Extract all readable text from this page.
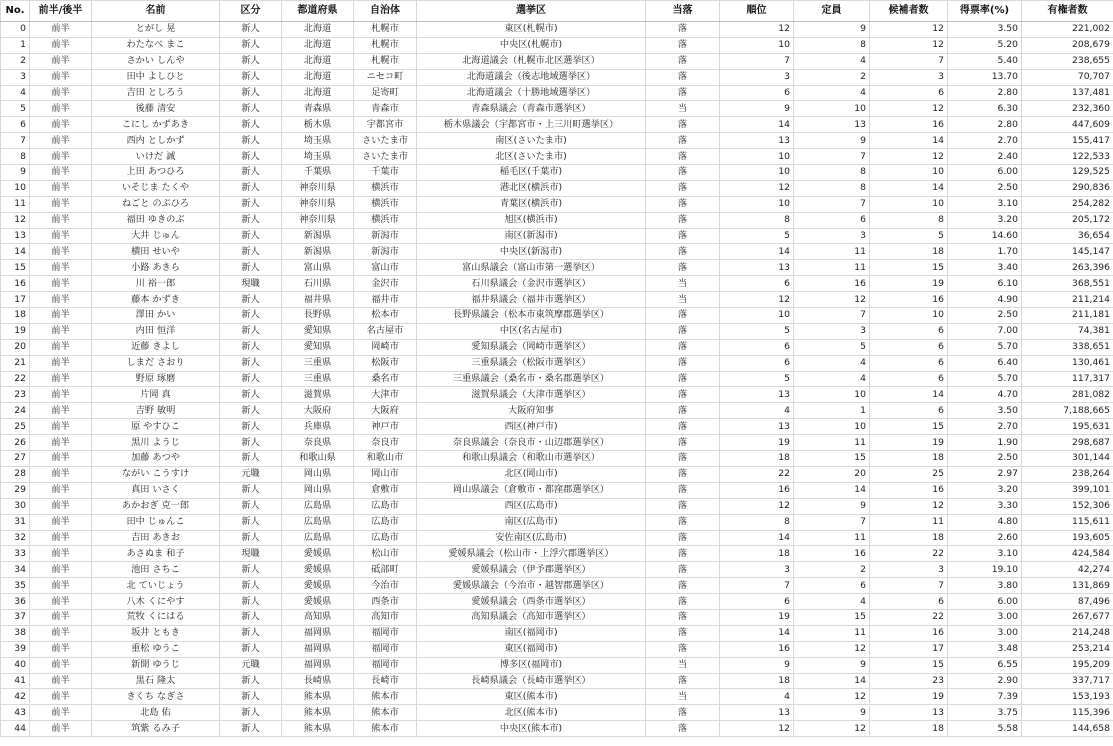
No.	前半/後半	名前	区分	都道府県	自治体	選挙区	当落	順位	定員	候補者数	得票率(%)	有権者数
0	前半	とがし 晃	新人	北海道	札幌市	東区(札幌市)	落	12	9	12	3.50	221,002
1	前半	わたなべ まこ	新人	北海道	札幌市	中央区(札幌市)	落	10	8	12	5.20	208,679
2	前半	さかい しんや	新人	北海道	札幌市	北海道議会（札幌市北区選挙区）	落	7	4	7	5.40	238,655
3	前半	田中 よしひと	新人	北海道	ニセコ町	北海道議会（後志地域選挙区）	落	3	2	3	13.70	70,707
4	前半	吉田 としろう	新人	北海道	足寄町	北海道議会（十勝地域選挙区）	落	6	4	6	2.80	137,481
5	前半	後藤 清安	新人	青森県	青森市	青森県議会（青森市選挙区）	当	9	10	12	6.30	232,360
6	前半	こにし かずあき	新人	栃木県	宇都宮市	栃木県議会（宇都宮市・上三川町選挙区）	落	14	13	16	2.80	447,609
7	前半	西内 としかず	新人	埼玉県	さいたま市	南区(さいたま市)	落	13	9	14	2.70	155,417
8	前半	いけだ 誠	新人	埼玉県	さいたま市	北区(さいたま市)	落	10	7	12	2.40	122,533
9	前半	上田 あつひろ	新人	千葉県	千葉市	稲毛区(千葉市)	落	10	8	10	6.00	129,525
10	前半	いそじま たくや	新人	神奈川県	横浜市	港北区(横浜市)	落	12	8	14	2.50	290,836
11	前半	ねごと のぶひろ	新人	神奈川県	横浜市	青葉区(横浜市)	落	10	7	10	3.10	254,282
12	前半	福田 ゆきのぶ	新人	神奈川県	横浜市	旭区(横浜市)	落	8	6	8	3.20	205,172
13	前半	大井 じゅん	新人	新潟県	新潟市	南区(新潟市)	落	5	3	5	14.60	36,654
14	前半	横田 せいや	新人	新潟県	新潟市	中央区(新潟市)	落	14	11	18	1.70	145,147
15	前半	小路 あきら	新人	富山県	富山市	富山県議会（富山市第一選挙区）	落	13	11	15	3.40	263,396
16	前半	川 裕一郎	現職	石川県	金沢市	石川県議会（金沢市選挙区）	当	6	16	19	6.10	368,551
17	前半	藤本 かずき	新人	福井県	福井市	福井県議会（福井市選挙区）	当	12	12	16	4.90	211,214
18	前半	澤田 かい	新人	長野県	松本市	長野県議会（松本市東筑摩郡選挙区）	落	10	7	10	2.50	211,181
19	前半	内田 恒洋	新人	愛知県	名古屋市	中区(名古屋市)	落	5	3	6	7.00	74,381
20	前半	近藤 きよし	新人	愛知県	岡崎市	愛知県議会（岡崎市選挙区）	落	6	5	6	5.70	338,651
21	前半	しまだ さおり	新人	三重県	松阪市	三重県議会（松阪市選挙区）	落	6	4	6	6.40	130,461
22	前半	野原 琢磨	新人	三重県	桑名市	三重県議会（桑名市・桑名郡選挙区）	落	5	4	6	5.70	117,317
23	前半	片岡 真	新人	滋賀県	大津市	滋賀県議会（大津市選挙区）	落	13	10	14	4.70	281,082
24	前半	吉野 敏明	新人	大阪府	大阪府	大阪府知事	落	4	1	6	3.50	7,188,665
25	前半	原 やすひこ	新人	兵庫県	神戸市	西区(神戸市)	落	13	10	15	2.70	195,631
26	前半	黒川 ようじ	新人	奈良県	奈良市	奈良県議会（奈良市・山辺郡選挙区）	落	19	11	19	1.90	298,687
27	前半	加藤 あつや	新人	和歌山県	和歌山市	和歌山県議会（和歌山市選挙区）	落	18	15	18	2.50	301,144
28	前半	ながい こうすけ	元職	岡山県	岡山市	北区(岡山市)	落	22	20	25	2.97	238,264
29	前半	真田 いさく	新人	岡山県	倉敷市	岡山県議会（倉敷市・都窪郡選挙区）	落	16	14	16	3.20	399,101
30	前半	あかおぎ 克一郎	新人	広島県	広島市	西区(広島市)	落	12	9	12	3.30	152,306
31	前半	田中 じゅんこ	新人	広島県	広島市	南区(広島市)	落	8	7	11	4.80	115,611
32	前半	吉田 あきお	新人	広島県	広島市	安佐南区(広島市)	落	14	11	18	2.60	193,605
33	前半	あさぬま 和子	現職	愛媛県	松山市	愛媛県議会（松山市・上浮穴郡選挙区）	落	18	16	22	3.10	424,584
34	前半	池田 さちこ	新人	愛媛県	砥部町	愛媛県議会（伊予郡選挙区）	落	3	2	3	19.10	42,274
35	前半	北 ていじょう	新人	愛媛県	今治市	愛媛県議会（今治市・越智郡選挙区）	落	7	6	7	3.80	131,869
36	前半	八木 くにやす	新人	愛媛県	西条市	愛媛県議会（西条市選挙区）	落	6	4	6	6.00	87,496
37	前半	荒牧 くにはる	新人	高知県	高知市	高知県議会（高知市選挙区）	落	19	15	22	3.00	267,677
38	前半	坂井 ともき	新人	福岡県	福岡市	南区(福岡市)	落	14	11	16	3.00	214,248
39	前半	重松 ゆうこ	新人	福岡県	福岡市	東区(福岡市)	落	16	12	17	3.48	253,214
40	前半	新開 ゆうじ	元職	福岡県	福岡市	博多区(福岡市)	当	9	9	15	6.55	195,209
41	前半	黒石 隆太	新人	長崎県	長崎市	長崎県議会（長崎市選挙区）	落	18	14	23	2.90	337,717
42	前半	きくち なぎさ	新人	熊本県	熊本市	東区(熊本市)	当	4	12	19	7.39	153,193
43	前半	北島 佑	新人	熊本県	熊本市	北区(熊本市)	落	13	9	13	3.75	115,396
44	前半	筑紫 るみ子	新人	熊本県	熊本市	中央区(熊本市)	落	12	12	18	5.58	144,658
